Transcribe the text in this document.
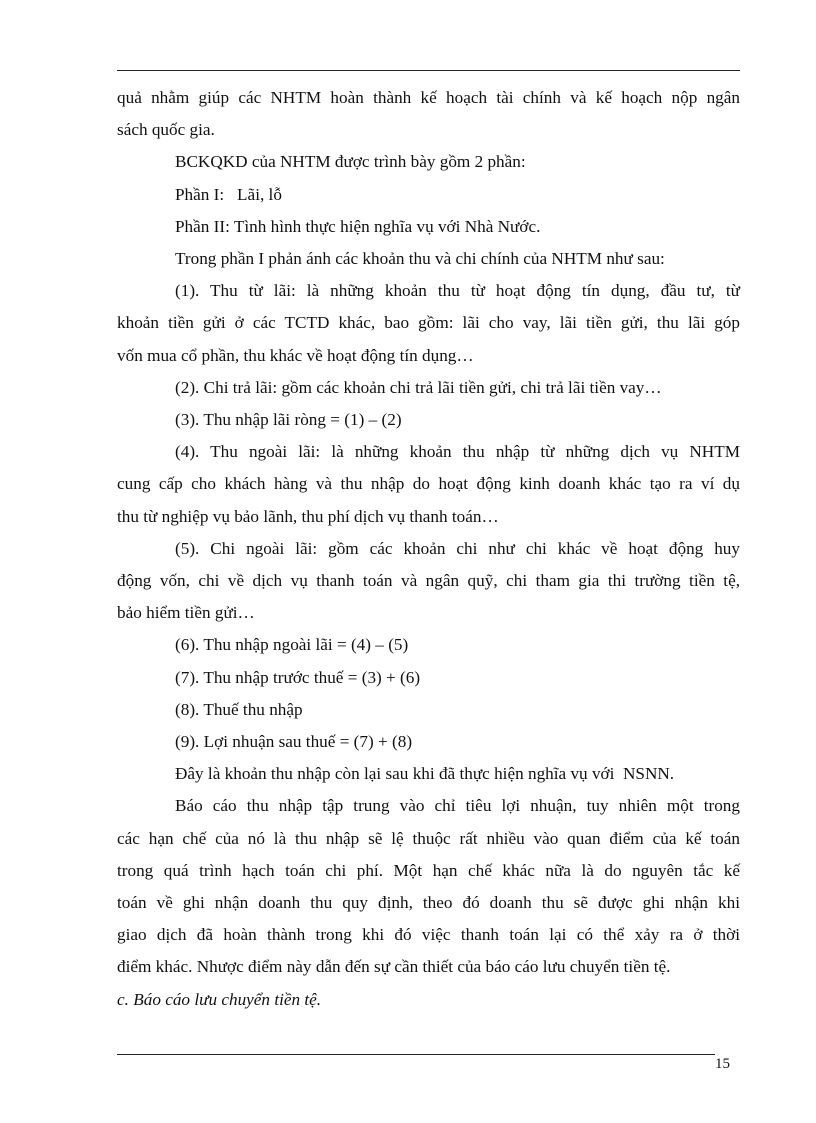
quả nhằm giúp các NHTM hoàn thành kế hoạch tài chính và kế hoạch nộp ngân

sách quốc gia.

BCKQKD của NHTM được trình bày gồm 2 phần:

Phần I:   Lãi, lỗ

Phần II: Tình hình thực hiện nghĩa vụ với Nhà Nước.

Trong phần I phản ánh các khoản thu và chi chính của NHTM như sau:

(1). Thu từ lãi: là những khoản thu từ hoạt động tín dụng, đầu tư, từ

khoản tiền gửi ở các TCTD khác, bao gồm: lãi cho vay, lãi tiền gửi, thu lãi góp

vốn mua cổ phần, thu khác về hoạt động tín dụng…

(2). Chi trả lãi: gồm các khoản chi trả lãi tiền gửi, chi trả lãi tiền vay…

(3). Thu nhập lãi ròng = (1) – (2)

(4). Thu ngoài lãi: là những khoản thu nhập từ những dịch vụ NHTM

cung cấp cho khách hàng và thu nhập do hoạt động kinh doanh khác tạo ra ví dụ

thu từ nghiệp vụ bảo lãnh, thu phí dịch vụ thanh toán…

(5). Chi ngoài lãi: gồm các khoản chi như chi khác về hoạt động huy

động vốn, chi về dịch vụ thanh toán và ngân quỹ, chi tham gia thi trường tiền tệ,

bảo hiểm tiền gửi…

(6). Thu nhập ngoài lãi = (4) – (5)

(7). Thu nhập trước thuế = (3) + (6)

(8). Thuế thu nhập

(9). Lợi nhuận sau thuế = (7) + (8)

Đây là khoản thu nhập còn lại sau khi đã thực hiện nghĩa vụ với  NSNN.

Báo cáo thu nhập tập trung vào chỉ tiêu lợi nhuận, tuy nhiên một trong

các hạn chế của nó là thu nhập sẽ lệ thuộc rất nhiều vào quan điểm của kế toán

trong quá trình hạch toán chi phí. Một hạn chế khác nữa là do nguyên tắc kế

toán về ghi nhận doanh thu quy định, theo đó doanh thu sẽ được ghi nhận khi

giao dịch đã hoàn thành trong khi đó việc thanh toán lại có thể xảy ra ở thời

điểm khác. Nhược điểm này dẫn đến sự cần thiết của báo cáo lưu chuyển tiền tệ.

c. Báo cáo lưu chuyển tiền tệ.

15
